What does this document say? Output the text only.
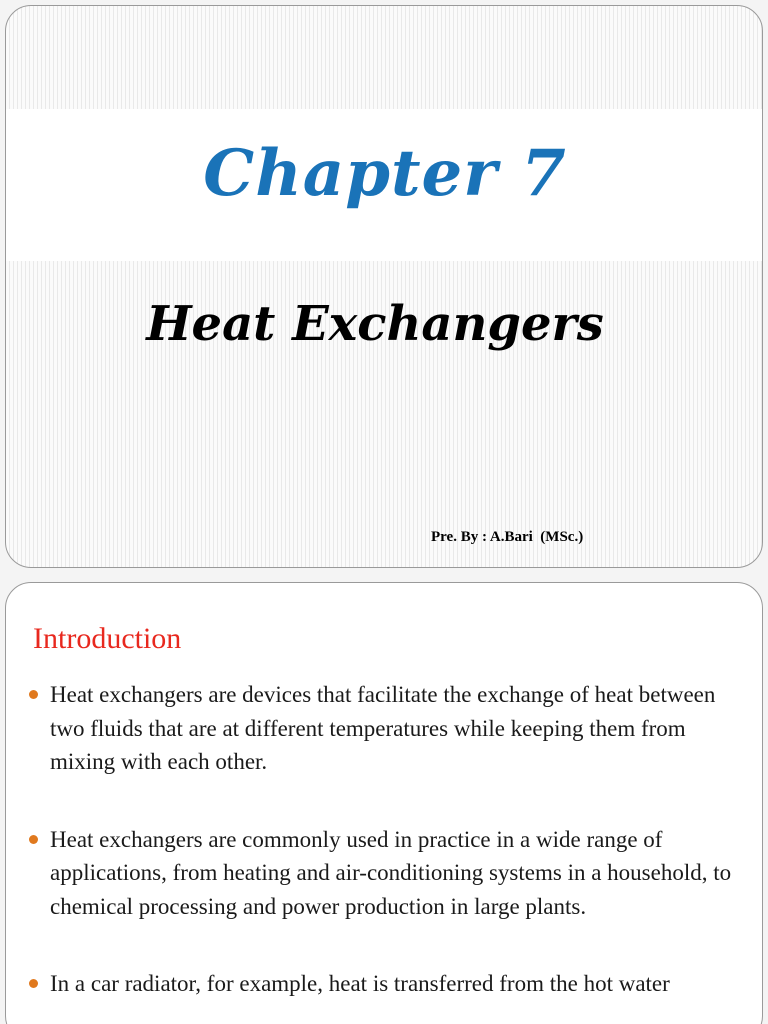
Chapter 7
Heat Exchangers
Pre. By : A.Bari  (MSc.)
Introduction
Heat exchangers are devices that facilitate the exchange of heat between two fluids that are at different temperatures while keeping them from mixing with each other.
Heat exchangers are commonly used in practice in a wide range of applications, from heating and air-conditioning systems in a household, to chemical processing and power production in large plants.
In a car radiator, for example, heat is transferred from the hot water
